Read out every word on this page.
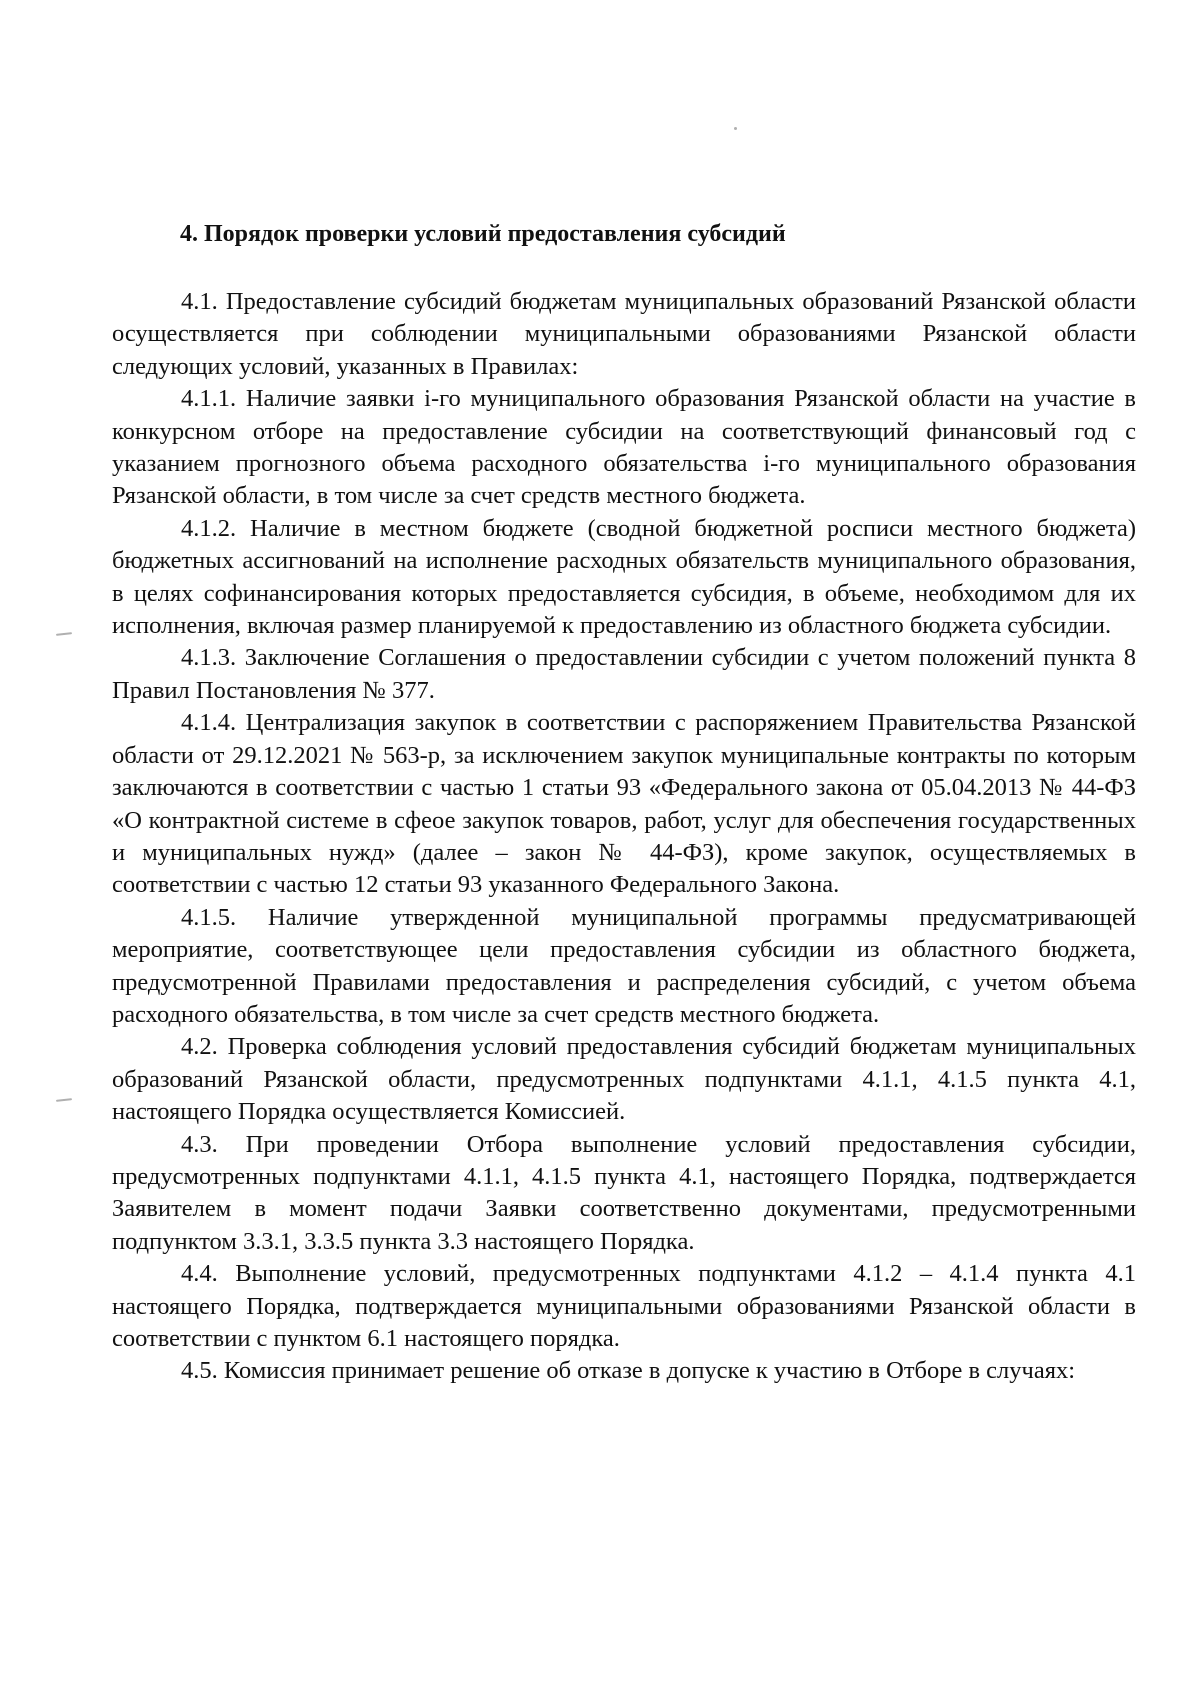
4. Порядок проверки условий предоставления субсидий

4.1. Предоставление субсидий бюджетам муниципальных образований Рязанской области осуществляется при соблюдении муниципальными образованиями Рязанской области следующих условий, указанных в Правилах:

4.1.1. Наличие заявки i-го муниципального образования Рязанской области на участие в конкурсном отборе на предоставление субсидии на соответствующий финансовый год с указанием прогнозного объема расходного обязательства i-го муниципального образования Рязанской области, в том числе за счет средств местного бюджета.

4.1.2. Наличие в местном бюджете (сводной бюджетной росписи местного бюджета) бюджетных ассигнований на исполнение расходных обязательств муниципального образования, в целях софинансирования которых предоставляется субсидия, в объеме, необходимом для их исполнения, включая размер планируемой к предоставлению из областного бюджета субсидии.

4.1.3. Заключение Соглашения о предоставлении субсидии с учетом положений пункта 8 Правил Постановления № 377.

4.1.4. Централизация закупок в соответствии с распоряжением Правительства Рязанской области от 29.12.2021 № 563-р, за исключением закупок муниципальные контракты по которым заключаются в соответствии с частью 1 статьи 93 «Федерального закона от 05.04.2013 № 44-ФЗ «О контрактной системе в сфеое закупок товаров, работ, услуг для обеспечения государственных и муниципальных нужд» (далее – закон № 44-ФЗ), кроме закупок, осуществляемых в соответствии с частью 12 статьи 93 указанного Федерального Закона.

4.1.5. Наличие утвержденной муниципальной программы предусматривающей мероприятие, соответствующее цели предоставления субсидии из областного бюджета, предусмотренной Правилами предоставления и распределения субсидий, с учетом объема расходного обязательства, в том числе за счет средств местного бюджета.

4.2. Проверка соблюдения условий предоставления субсидий бюджетам муниципальных образований Рязанской области, предусмотренных подпунктами 4.1.1, 4.1.5 пункта 4.1, настоящего Порядка осуществляется Комиссией.

4.3. При проведении Отбора выполнение условий предоставления субсидии, предусмотренных подпунктами 4.1.1, 4.1.5 пункта 4.1, настоящего Порядка, подтверждается Заявителем в момент подачи Заявки соответственно документами, предусмотренными подпунктом 3.3.1, 3.3.5 пункта 3.3 настоящего Порядка.

4.4. Выполнение условий, предусмотренных подпунктами 4.1.2 – 4.1.4 пункта 4.1 настоящего Порядка, подтверждается муниципальными образованиями Рязанской области в соответствии с пунктом 6.1 настоящего порядка.

4.5. Комиссия принимает решение об отказе в допуске к участию в Отборе в случаях:
